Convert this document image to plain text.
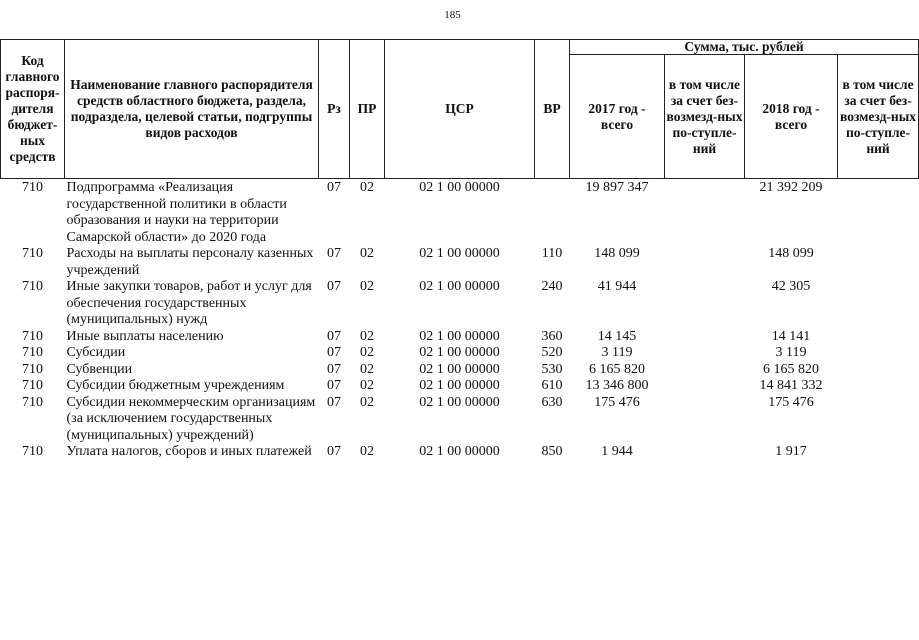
185
Код главного распоря-дителя бюджет-ных средств	Наименование главного распорядителя средств областного бюджета, раздела, подраздела, целевой статьи, подгруппы видов расходов	Рз	ПР	ЦСР	ВР	Сумма, тыс. рублей			
						2017 год - всего	в том числе за счет без-возмезд-ных по-ступле-ний	2018 год - всего	в том числе за счет без-возмезд-ных по-ступле-ний
710	Подпрограмма «Реализация государственной политики в области образования и науки на территории Самарской области» до 2020 года	07	02	02 1 00 00000		19 897 347		21 392 209	
710	Расходы на выплаты персоналу казенных учреждений	07	02	02 1 00 00000	110	148 099		148 099	
710	Иные закупки товаров, работ и услуг для обеспечения государственных (муниципальных) нужд	07	02	02 1 00 00000	240	41 944		42 305	
710	Иные выплаты населению	07	02	02 1 00 00000	360	14 145		14 141	
710	Субсидии	07	02	02 1 00 00000	520	3 119		3 119	
710	Субвенции	07	02	02 1 00 00000	530	6 165 820		6 165 820	
710	Субсидии бюджетным учреждениям	07	02	02 1 00 00000	610	13 346 800		14 841 332	
710	Субсидии некоммерческим организациям (за исключением государственных (муниципальных) учреждений)	07	02	02 1 00 00000	630	175 476		175 476	
710	Уплата налогов, сборов и иных платежей	07	02	02 1 00 00000	850	1 944		1 917	
